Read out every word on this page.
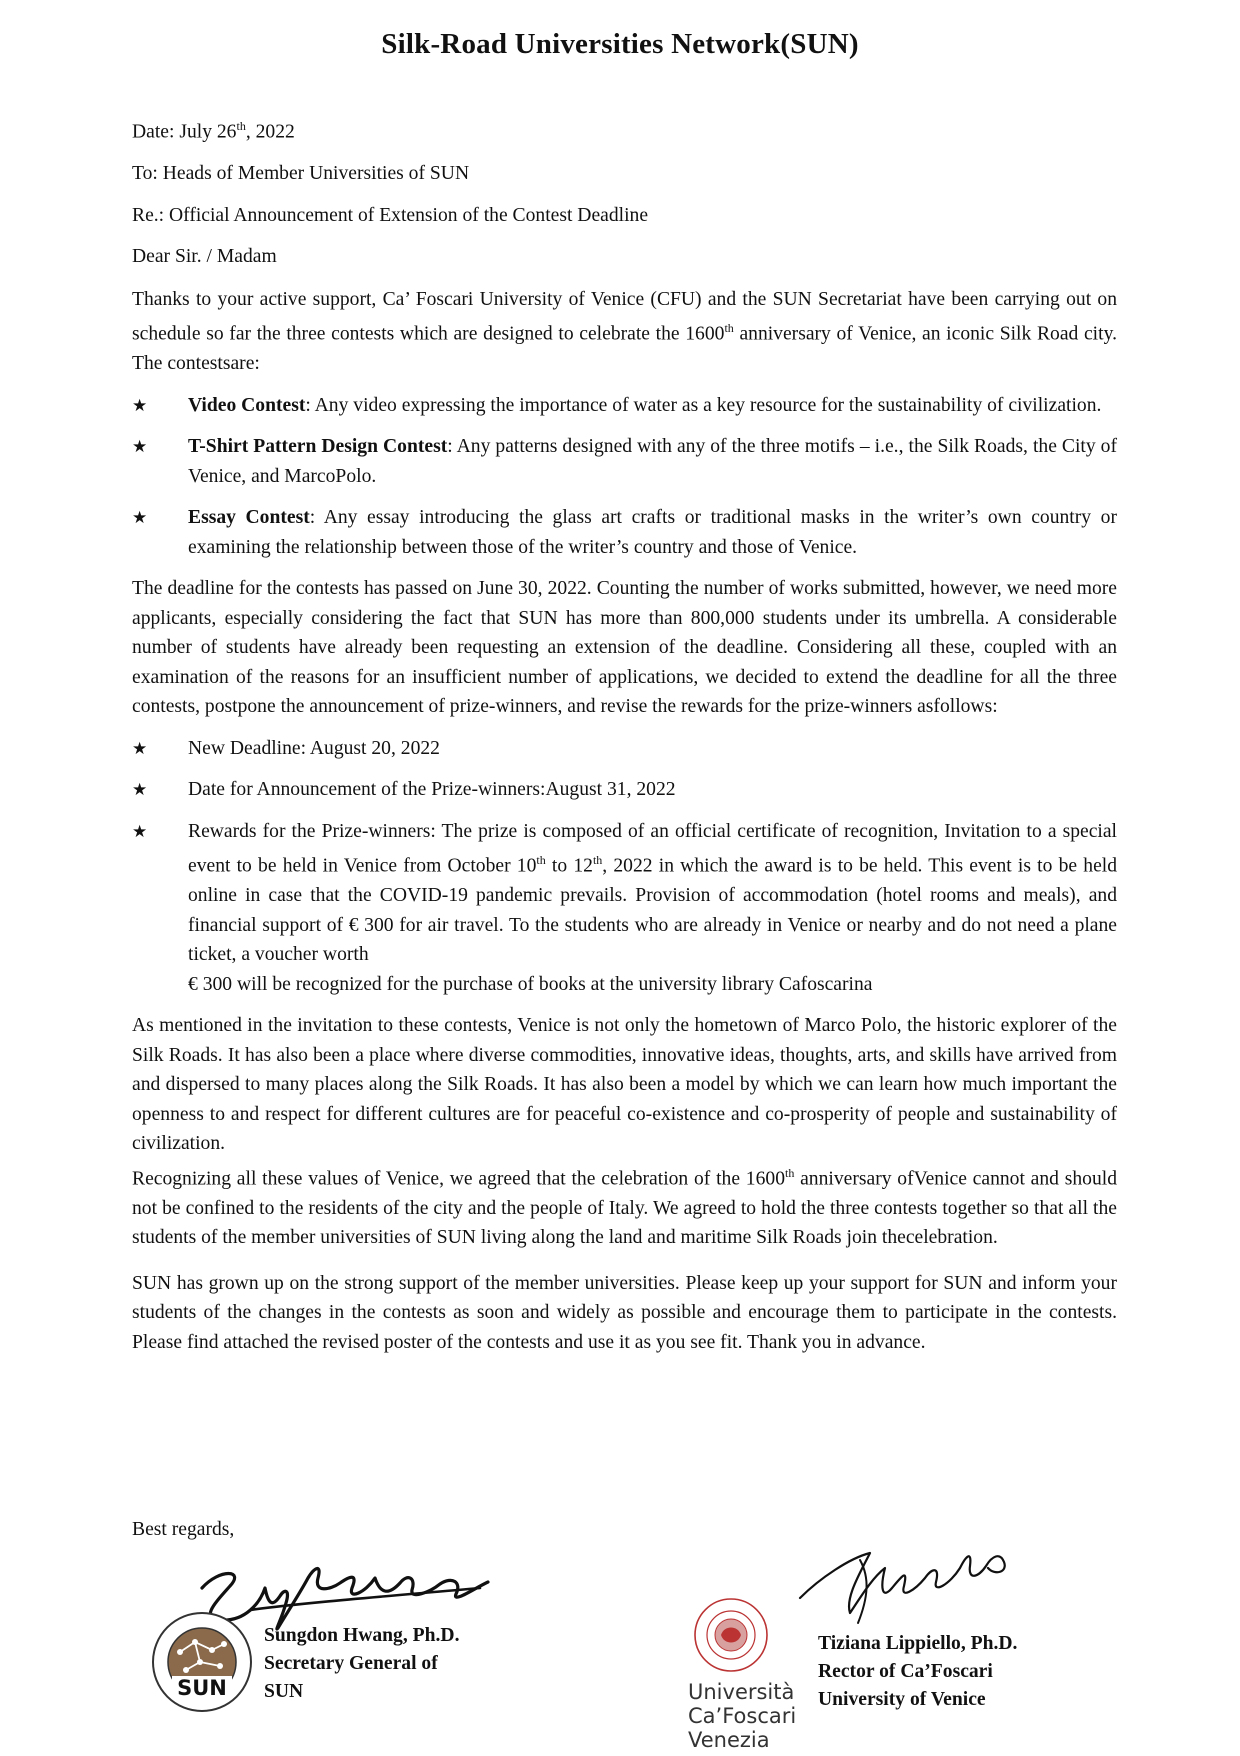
Silk-Road Universities Network(SUN)

Date: July 26th, 2022

To: Heads of Member Universities of SUN

Re.: Official Announcement of Extension of the Contest Deadline

Dear Sir. / Madam

Thanks to your active support, Ca’ Foscari University of Venice (CFU) and the SUN Secretariat have been carrying out on schedule so far the three contests which are designed to celebrate the 1600th anniversary of Venice, an iconic Silk Road city. The contestsare:

★ Video Contest: Any video expressing the importance of water as a key resource for the sustainability of civilization.
★ T-Shirt Pattern Design Contest: Any patterns designed with any of the three motifs – i.e., the Silk Roads, the City of Venice, and MarcoPolo.
★ Essay Contest: Any essay introducing the glass art crafts or traditional masks in the writer’s own country or examining the relationship between those of the writer’s country and those of Venice.

The deadline for the contests has passed on June 30, 2022. Counting the number of works submitted, however, we need more applicants, especially considering the fact that SUN has more than 800,000 students under its umbrella. A considerable number of students have already been requesting an extension of the deadline. Considering all these, coupled with an examination of the reasons for an insufficient number of applications, we decided to extend the deadline for all the three contests, postpone the announcement of prize-winners, and revise the rewards for the prize-winners asfollows:

★ New Deadline: August 20, 2022
★ Date for Announcement of the Prize-winners:August 31, 2022
★ Rewards for the Prize-winners: The prize is composed of an official certificate of recognition, Invitation to a special event to be held in Venice from October 10th to 12th, 2022 in which the award is to be held. This event is to be held online in case that the COVID-19 pandemic prevails. Provision of accommodation (hotel rooms and meals), and financial support of € 300 for air travel. To the students who are already in Venice or nearby and do not need a plane ticket, a voucher worth
€ 300 will be recognized for the purchase of books at the university library Cafoscarina

As mentioned in the invitation to these contests, Venice is not only the hometown of Marco Polo, the historic explorer of the Silk Roads. It has also been a place where diverse commodities, innovative ideas, thoughts, arts, and skills have arrived from and dispersed to many places along the Silk Roads. It has also been a model by which we can learn how much important the openness to and respect for different cultures are for peaceful co-existence and co-prosperity of people and sustainability of civilization.

Recognizing all these values of Venice, we agreed that the celebration of the 1600th anniversary ofVenice cannot and should not be confined to the residents of the city and the people of Italy. We agreed to hold the three contests together so that all the students of the member universities of SUN living along the land and maritime Silk Roads join thecelebration.

SUN has grown up on the strong support of the member universities. Please keep up your support for SUN and inform your students of the changes in the contests as soon and widely as possible and encourage them to participate in the contests. Please find attached the revised poster of the contests and use it as you see fit. Thank you in advance.

Best regards,
SUN
Sungdon Hwang, Ph.D.
Secretary General of SUN	Università
Ca’Foscari
Venezia
Tiziana Lippiello, Ph.D.
Rector of Ca’Foscari University of Venice
